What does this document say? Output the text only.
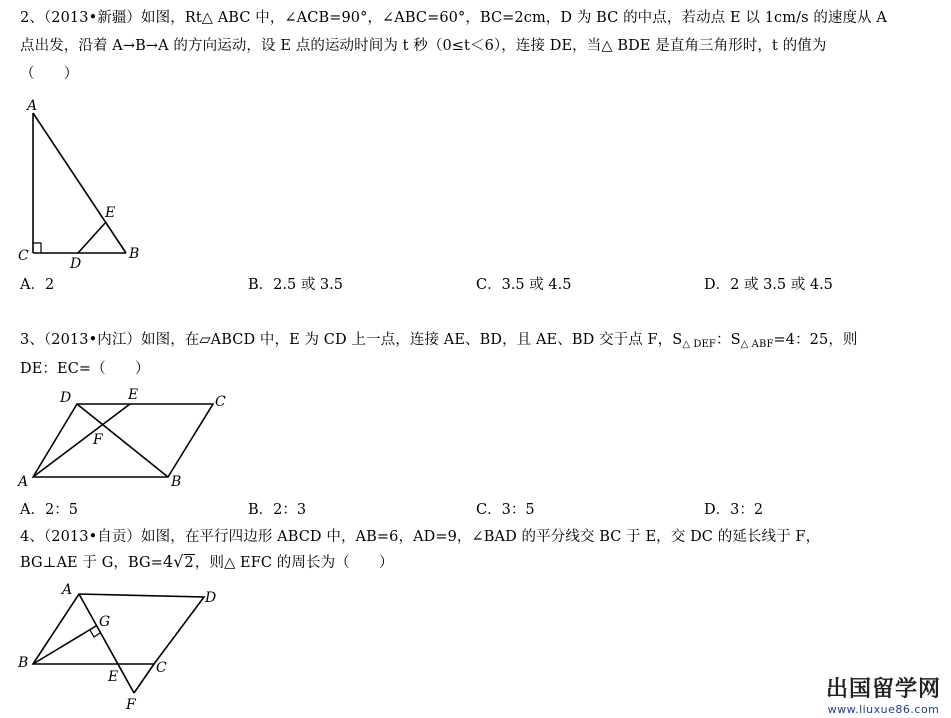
2、（2013•新疆）如图，Rt△ ABC 中，∠ACB=90°，∠ABC=60°，BC=2cm，D 为 BC 的中点，若动点 E 以 1cm/s 的速度从 A
点出发，沿着 A→B→A 的方向运动，设 E 点的运动时间为 t 秒（0≤t＜6），连接 DE，当△ BDE 是直角三角形时，t 的值为
（　　）
A
C	B
D
E
A．2	B．2.5 或 3.5	C．3.5 或 4.5	D．2 或 3.5 或 4.5
3、（2013•内江）如图，在▱ABCD 中，E 为 CD 上一点，连接 AE、BD，且 AE、BD 交于点 F，$S_{\triangle DEF}$：$S_{\triangle ABF}=4$：25，则
DE：EC=（　　）
D	E	C
F
A	B
A．2：5	B．2：3	C．3：5	D．3：2
4、（2013•自贡）如图，在平行四边形 ABCD 中，AB=6，AD=9，∠BAD 的平分线交 BC 于 E，交 DC 的延长线于 F，
BG⊥AE 于 G，BG=4√2，则△ EFC 的周长为（　　）
A	D
G
B	C
E
F
出国留学网
www.liuxue86.com
